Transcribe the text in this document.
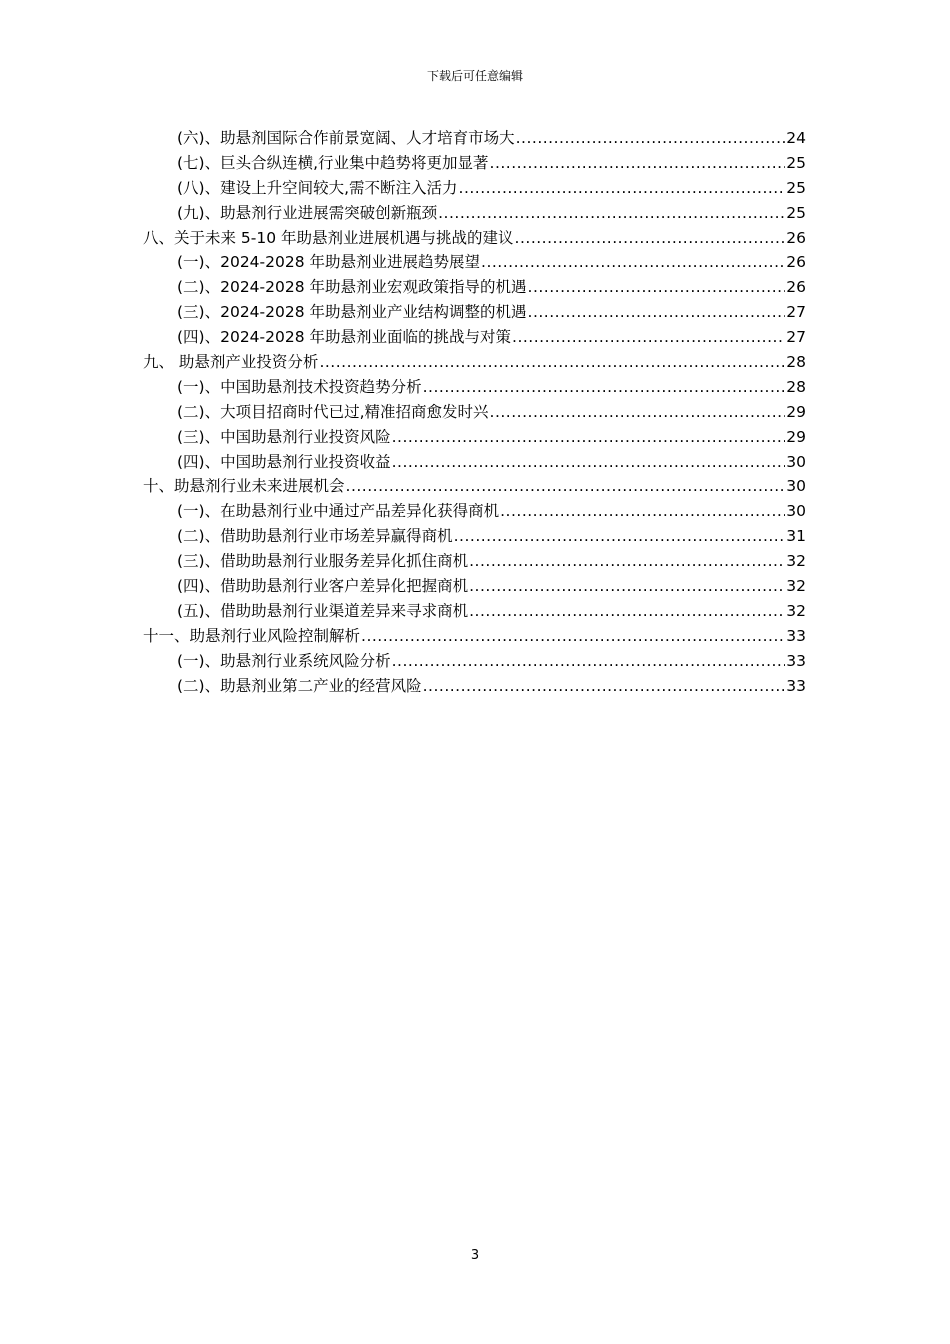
下载后可任意编辑
(六)、助悬剂国际合作前景宽阔、人才培育市场大 .....	24
(七)、巨头合纵连横,行业集中趋势将更加显著 .....	25
(八)、建设上升空间较大,需不断注入活力 .....	25
(九)、助悬剂行业进展需突破创新瓶颈 .....	25
八、关于未来 5-10 年助悬剂业进展机遇与挑战的建议 .....	26
(一)、2024-2028 年助悬剂业进展趋势展望 .....	26
(二)、2024-2028 年助悬剂业宏观政策指导的机遇 .....	26
(三)、2024-2028 年助悬剂业产业结构调整的机遇 .....	27
(四)、2024-2028 年助悬剂业面临的挑战与对策 .....	27
九、 助悬剂产业投资分析 .....	28
(一)、中国助悬剂技术投资趋势分析 .....	28
(二)、大项目招商时代已过,精准招商愈发时兴 .....	29
(三)、中国助悬剂行业投资风险 .....	29
(四)、中国助悬剂行业投资收益 .....	30
十、助悬剂行业未来进展机会 .....	30
(一)、在助悬剂行业中通过产品差异化获得商机 .....	30
(二)、借助助悬剂行业市场差异赢得商机 .....	31
(三)、借助助悬剂行业服务差异化抓住商机 .....	32
(四)、借助助悬剂行业客户差异化把握商机 .....	32
(五)、借助助悬剂行业渠道差异来寻求商机 .....	32
十一、助悬剂行业风险控制解析 .....	33
(一)、助悬剂行业系统风险分析 .....	33
(二)、助悬剂业第二产业的经营风险 .....	33
3
